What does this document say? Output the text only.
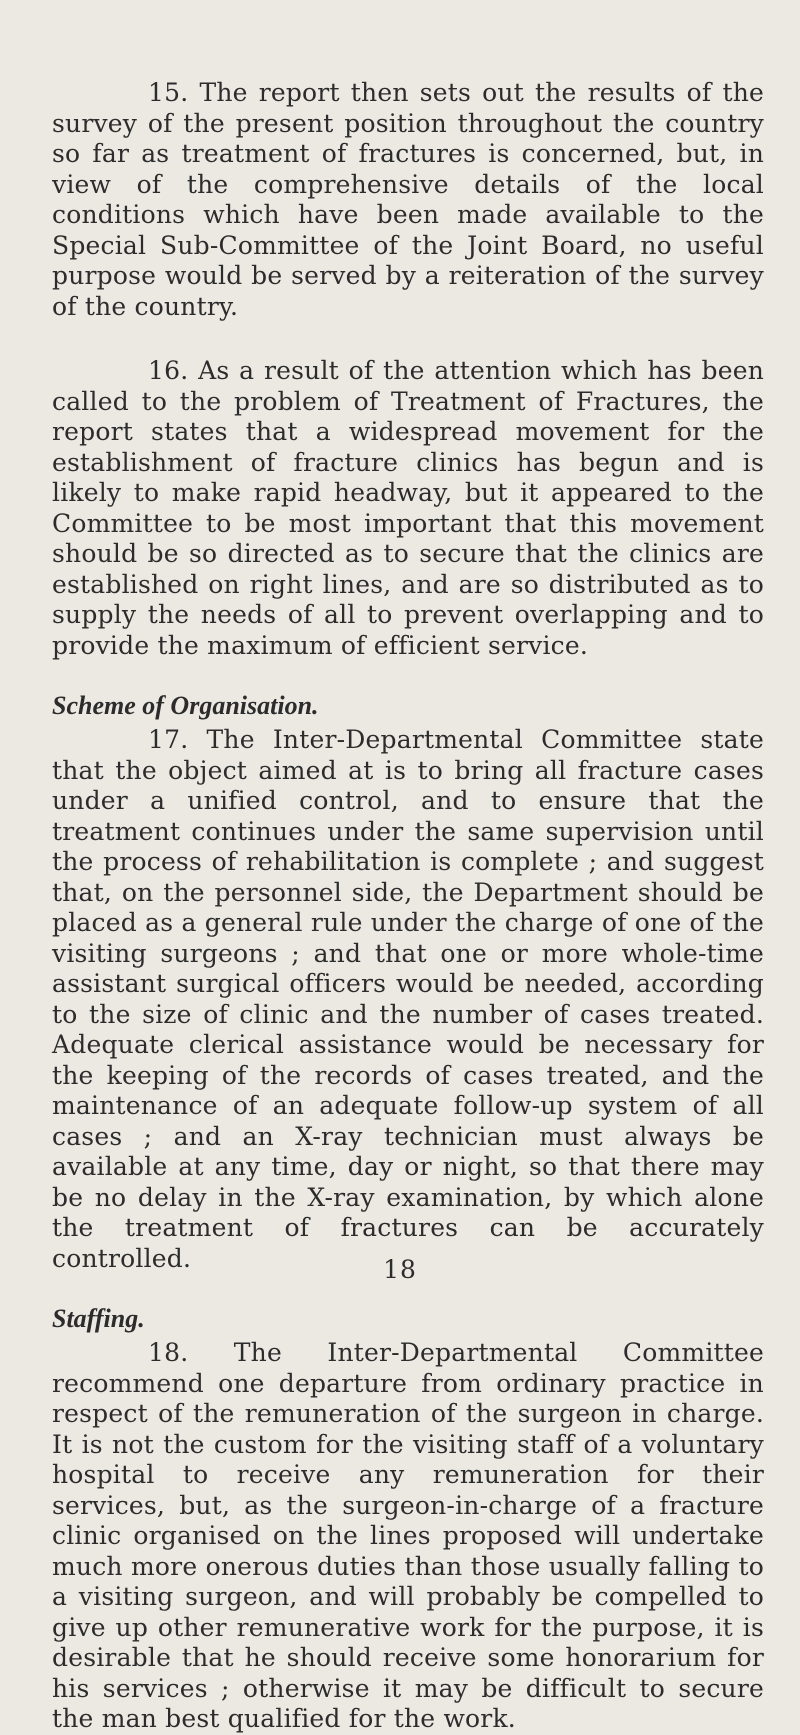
15. The report then sets out the results of the survey of the present position throughout the country so far as treatment of fractures is concerned, but, in view of the comprehensive details of the local conditions which have been made available to the Special Sub-Committee of the Joint Board, no useful purpose would be served by a reiteration of the survey of the country.

16. As a result of the attention which has been called to the problem of Treatment of Fractures, the report states that a widespread movement for the establishment of fracture clinics has begun and is likely to make rapid headway, but it appeared to the Committee to be most important that this movement should be so directed as to secure that the clinics are established on right lines, and are so distributed as to supply the needs of all to prevent overlapping and to provide the maximum of efficient service.

Scheme of Organisation.

17. The Inter-Departmental Committee state that the object aimed at is to bring all fracture cases under a unified control, and to ensure that the treatment continues under the same supervision until the process of rehabilitation is complete ; and suggest that, on the personnel side, the Department should be placed as a general rule under the charge of one of the visiting surgeons ; and that one or more whole-time assistant surgical officers would be needed, according to the size of clinic and the number of cases treated. Adequate clerical assistance would be necessary for the keeping of the records of cases treated, and the maintenance of an adequate follow-up system of all cases ; and an X-ray technician must always be available at any time, day or night, so that there may be no delay in the X-ray examination, by which alone the treatment of fractures can be accurately controlled.

Staffing.

18. The Inter-Departmental Committee recommend one departure from ordinary practice in respect of the remuneration of the surgeon in charge. It is not the custom for the visiting staff of a voluntary hospital to receive any remuneration for their services, but, as the surgeon-in-charge of a fracture clinic organised on the lines proposed will undertake much more onerous duties than those usually falling to a visiting surgeon, and will probably be compelled to give up other remunerative work for the purpose, it is desirable that he should receive some honorarium for his services ; otherwise it may be difficult to secure the man best qualified for the work.

18
